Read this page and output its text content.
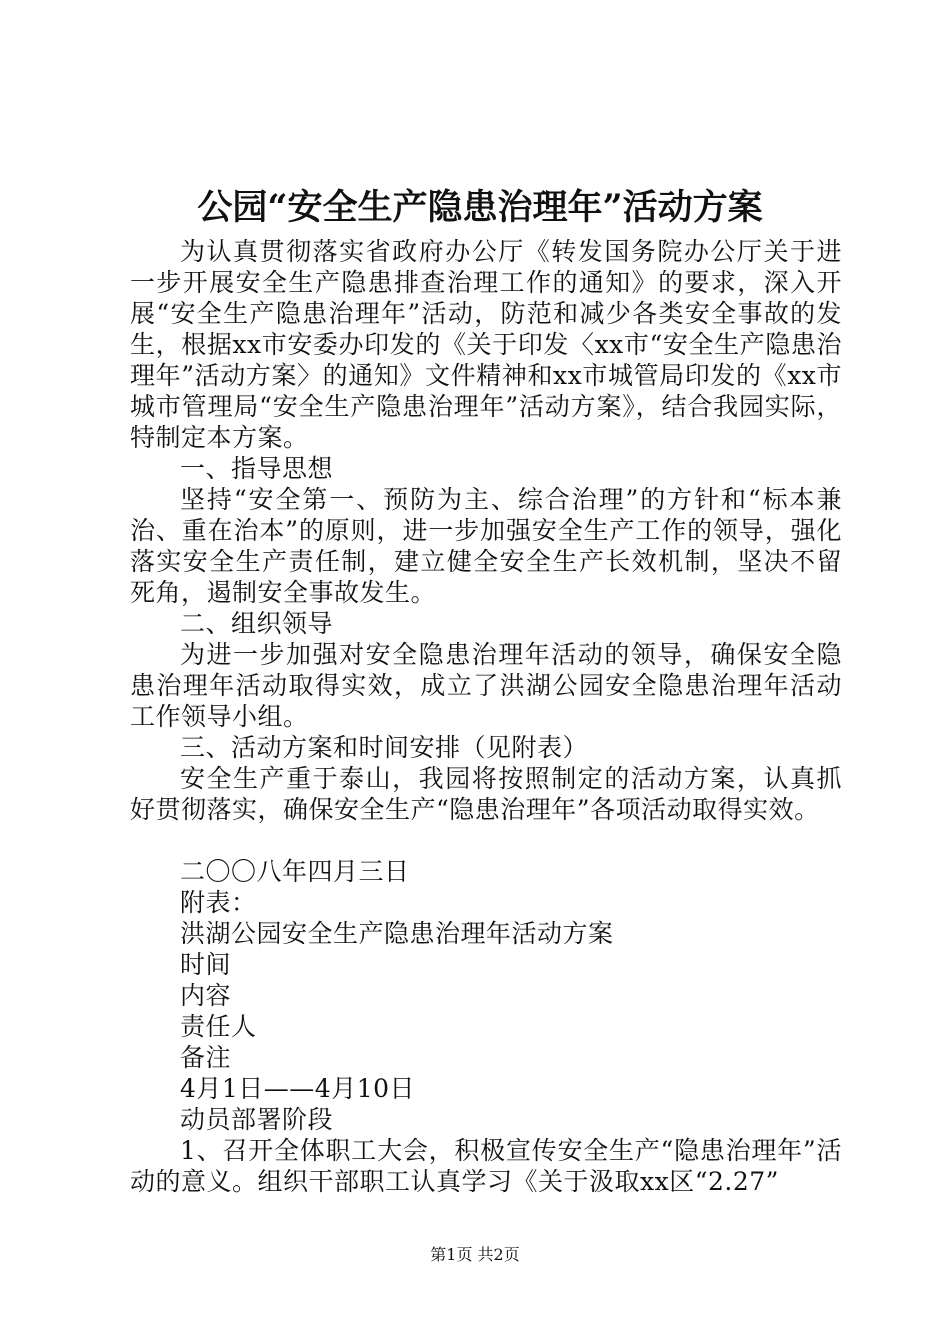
公园“安全生产隐患治理年”活动方案

为认真贯彻落实省政府办公厅《转发国务院办公厅关于进一步开展安全生产隐患排查治理工作的通知》的要求，深入开展“安全生产隐患治理年”活动，防范和减少各类安全事故的发生，根据xx市安委办印发的《关于印发〈xx市“安全生产隐患治理年”活动方案〉的通知》文件精神和xx市城管局印发的《xx市城市管理局“安全生产隐患治理年”活动方案》，结合我园实际，特制定本方案。

一、指导思想

坚持“安全第一、预防为主、综合治理”的方针和“标本兼治、重在治本”的原则，进一步加强安全生产工作的领导，强化落实安全生产责任制，建立健全安全生产长效机制，坚决不留死角，遏制安全事故发生。

二、组织领导

为进一步加强对安全隐患治理年活动的领导，确保安全隐患治理年活动取得实效，成立了洪湖公园安全隐患治理年活动工作领导小组。

三、活动方案和时间安排（见附表）

安全生产重于泰山，我园将按照制定的活动方案，认真抓好贯彻落实，确保安全生产“隐患治理年”各项活动取得实效。

二〇〇八年四月三日

附表：

洪湖公园安全生产隐患治理年活动方案

时间

内容

责任人

备注

4月1日——4月10日

动员部署阶段

1、召开全体职工大会，积极宣传安全生产“隐患治理年”活动的意义。组织干部职工认真学习《关于汲取xx区“2.27”

第1页 共2页
